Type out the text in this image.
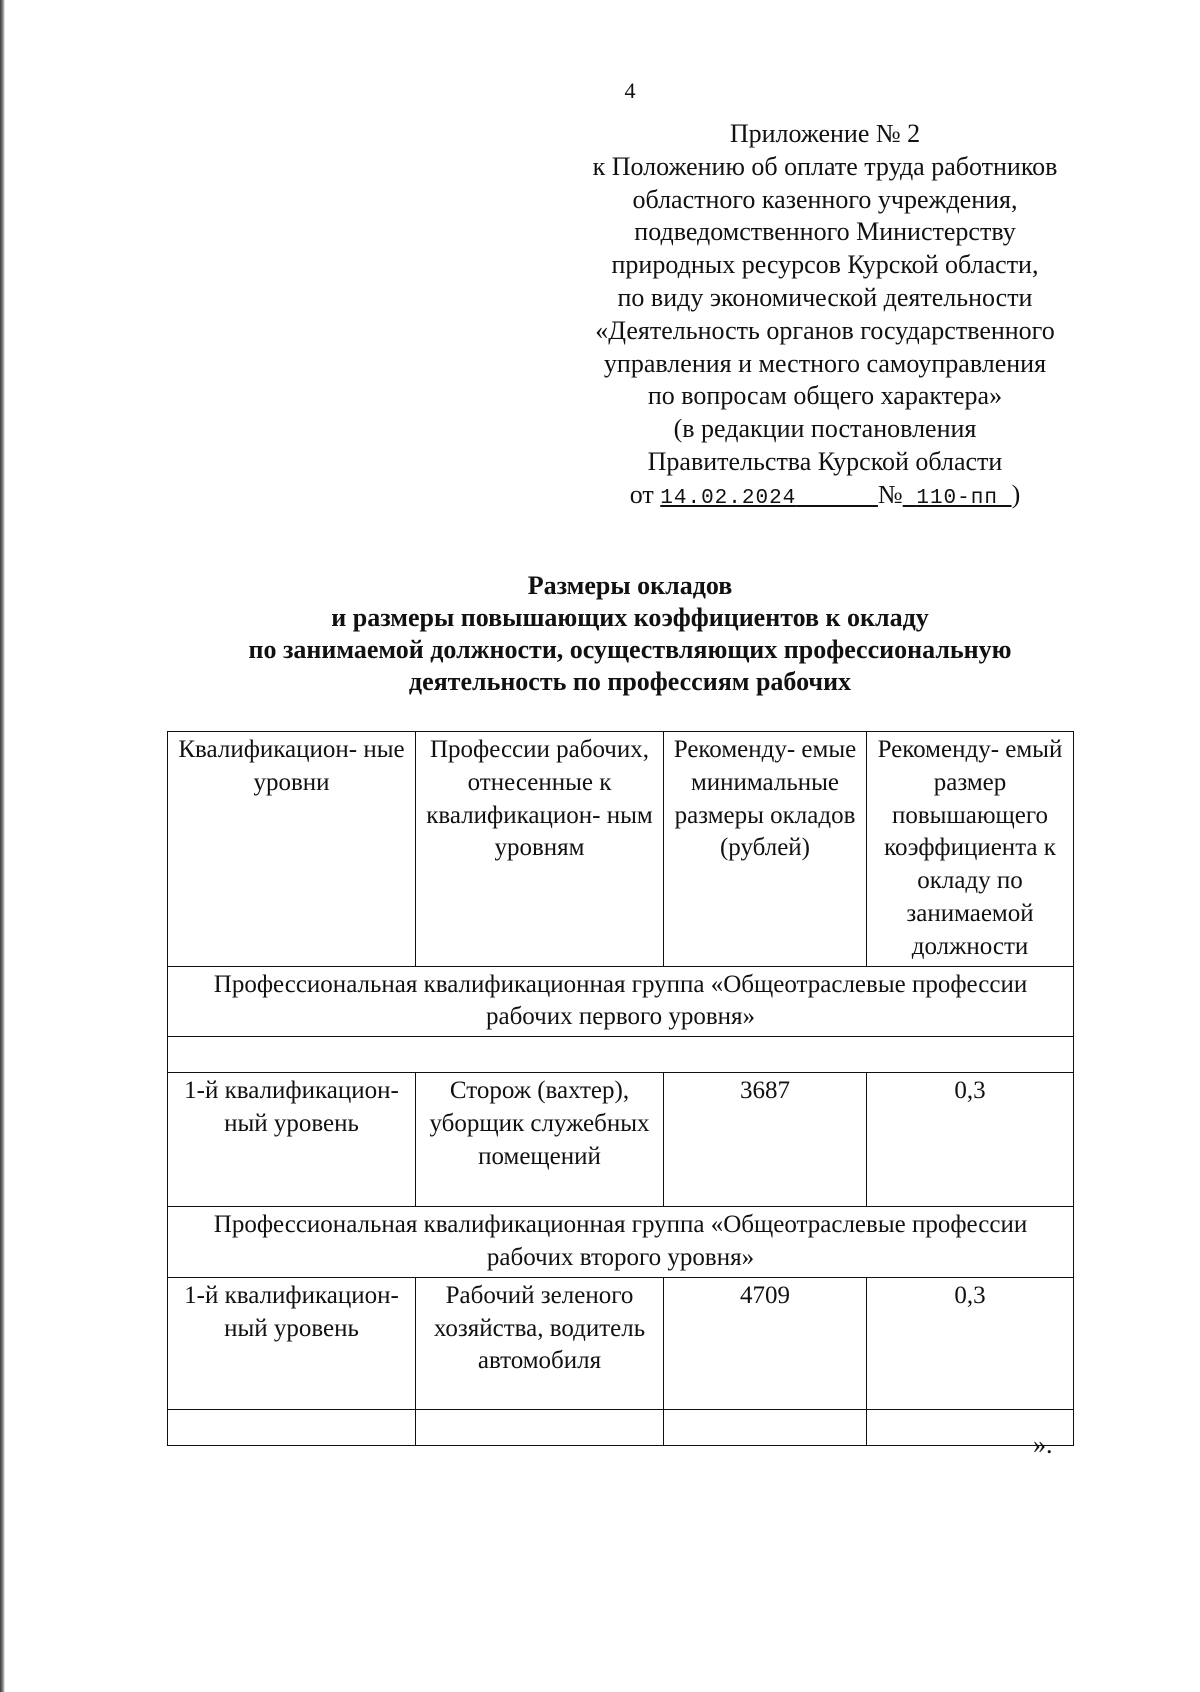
4
Приложение № 2
к Положению об оплате труда работников
областного казенного учреждения,
подведомственного Министерству
природных ресурсов Курской области,
по виду экономической деятельности
«Деятельность органов государственного
управления и местного самоуправления
по вопросам общего характера»
(в редакции постановления
Правительства Курской области
от 14.02.2024	№ 110-пп )
Размеры окладов
и размеры повышающих коэффициентов к окладу
по занимаемой должности, осуществляющих профессиональную
деятельность по профессиям рабочих
Квалификацион- ные уровни	Профессии рабочих, отнесенные к квалификацион- ным уровням	Рекоменду- емые минимальные размеры окладов (рублей)	Рекоменду- емый размер повышающего коэффициента к окладу по занимаемой должности
Профессиональная квалификационная группа «Общеотраслевые профессии рабочих первого уровня»			

1-й квалификацион- ный уровень	Сторож (вахтер), уборщик служебных помещений	3687	0,3
Профессиональная квалификационная группа «Общеотраслевые профессии рабочих второго уровня»			
1-й квалификацион- ный уровень	Рабочий зеленого хозяйства, водитель автомобиля	4709	0,3

».
